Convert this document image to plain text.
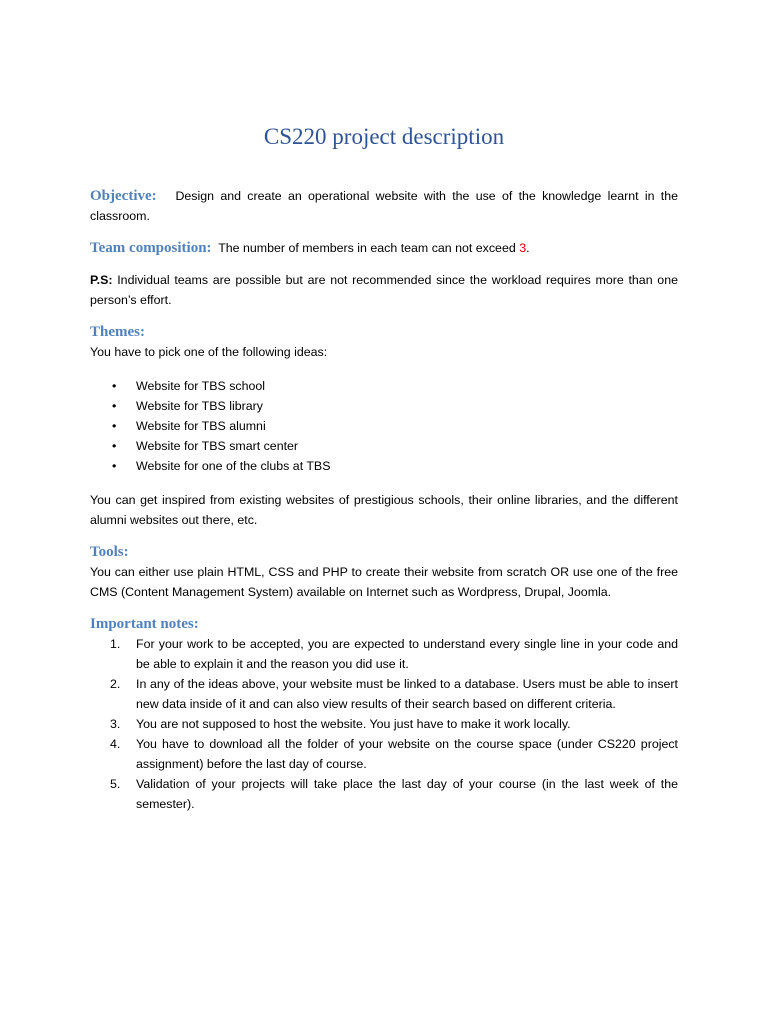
CS220 project description

Objective: Design and create an operational website with the use of the knowledge learnt in the classroom.

Team composition: The number of members in each team can not exceed 3.

P.S: Individual teams are possible but are not recommended since the workload requires more than one person’s effort.

Themes:

You have to pick one of the following ideas:

• Website for TBS school
• Website for TBS library
• Website for TBS alumni
• Website for TBS smart center
• Website for one of the clubs at TBS

You can get inspired from existing websites of prestigious schools, their online libraries, and the different alumni websites out there, etc.

Tools:

You can either use plain HTML, CSS and PHP to create their website from scratch OR use one of the free CMS (Content Management System) available on Internet such as Wordpress, Drupal, Joomla.

Important notes:

1. For your work to be accepted, you are expected to understand every single line in your code and be able to explain it and the reason you did use it.
2. In any of the ideas above, your website must be linked to a database. Users must be able to insert new data inside of it and can also view results of their search based on different criteria.
3. You are not supposed to host the website. You just have to make it work locally.
4. You have to download all the folder of your website on the course space (under CS220 project assignment) before the last day of course.
5. Validation of your projects will take place the last day of your course (in the last week of the semester).
